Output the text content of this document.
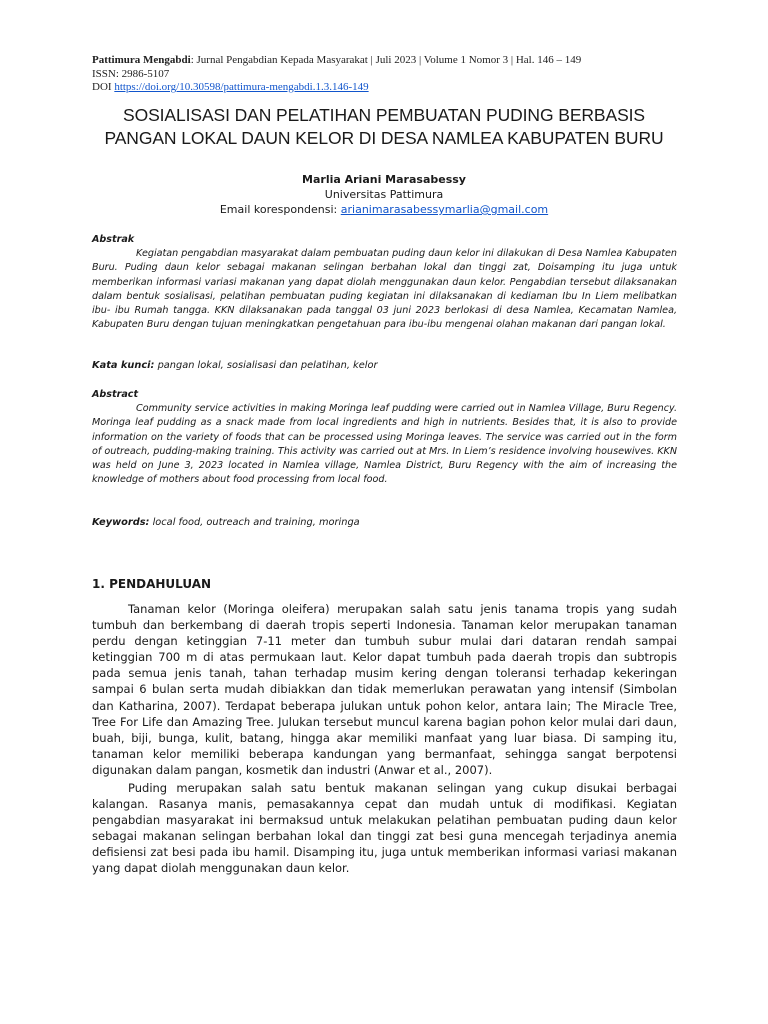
Pattimura Mengabdi: Jurnal Pengabdian Kepada Masyarakat | Juli 2023 | Volume 1 Nomor 3 | Hal. 146 – 149
ISSN: 2986-5107
DOI https://doi.org/10.30598/pattimura-mengabdi.1.3.146-149
SOSIALISASI DAN PELATIHAN PEMBUATAN PUDING BERBASIS
PANGAN LOKAL DAUN KELOR DI DESA NAMLEA KABUPATEN BURU
Marlia Ariani Marasabessy
Universitas Pattimura
Email korespondensi: arianimarasabessymarlia@gmail.com
Abstrak
Kegiatan pengabdian masyarakat dalam pembuatan puding daun kelor ini dilakukan di Desa Namlea Kabupaten Buru. Puding daun kelor sebagai makanan selingan berbahan lokal dan tinggi zat, Doisamping itu juga untuk memberikan informasi variasi makanan yang dapat diolah menggunakan daun kelor. Pengabdian tersebut dilaksanakan dalam bentuk sosialisasi, pelatihan pembuatan puding kegiatan ini dilaksanakan di kediaman Ibu In Liem melibatkan ibu- ibu Rumah tangga. KKN dilaksanakan pada tanggal 03 juni 2023 berlokasi di desa Namlea, Kecamatan Namlea, Kabupaten Buru dengan tujuan meningkatkan pengetahuan para ibu-ibu mengenai olahan makanan dari pangan lokal.
Kata kunci: pangan lokal, sosialisasi dan pelatihan, kelor
Abstract
Community service activities in making Moringa leaf pudding were carried out in Namlea Village, Buru Regency. Moringa leaf pudding as a snack made from local ingredients and high in nutrients. Besides that, it is also to provide information on the variety of foods that can be processed using Moringa leaves. The service was carried out in the form of outreach, pudding-making training. This activity was carried out at Mrs. In Liem’s residence involving housewives. KKN was held on June 3, 2023 located in Namlea village, Namlea District, Buru Regency with the aim of increasing the knowledge of mothers about food processing from local food.
Keywords: local food, outreach and training, moringa
1. PENDAHULUAN
Tanaman kelor (Moringa oleifera) merupakan salah satu jenis tanama tropis yang sudah tumbuh dan berkembang di daerah tropis seperti Indonesia. Tanaman kelor merupakan tanaman perdu dengan ketinggian 7-11 meter dan tumbuh subur mulai dari dataran rendah sampai ketinggian 700 m di atas permukaan laut. Kelor dapat tumbuh pada daerah tropis dan subtropis pada semua jenis tanah, tahan terhadap musim kering dengan toleransi terhadap kekeringan sampai 6 bulan serta mudah dibiakkan dan tidak memerlukan perawatan yang intensif (Simbolan dan Katharina, 2007). Terdapat beberapa julukan untuk pohon kelor, antara lain; The Miracle Tree, Tree For Life dan Amazing Tree. Julukan tersebut muncul karena bagian pohon kelor mulai dari daun, buah, biji, bunga, kulit, batang, hingga akar memiliki manfaat yang luar biasa. Di samping itu, tanaman kelor memiliki beberapa kandungan yang bermanfaat, sehingga sangat berpotensi digunakan dalam pangan, kosmetik dan industri (Anwar et al., 2007).
Puding merupakan salah satu bentuk makanan selingan yang cukup disukai berbagai kalangan. Rasanya manis, pemasakannya cepat dan mudah untuk di modifikasi. Kegiatan pengabdian masyarakat ini bermaksud untuk melakukan pelatihan pembuatan puding daun kelor sebagai makanan selingan berbahan lokal dan tinggi zat besi guna mencegah terjadinya anemia defisiensi zat besi pada ibu hamil. Disamping itu, juga untuk memberikan informasi variasi makanan yang dapat diolah menggunakan daun kelor.
